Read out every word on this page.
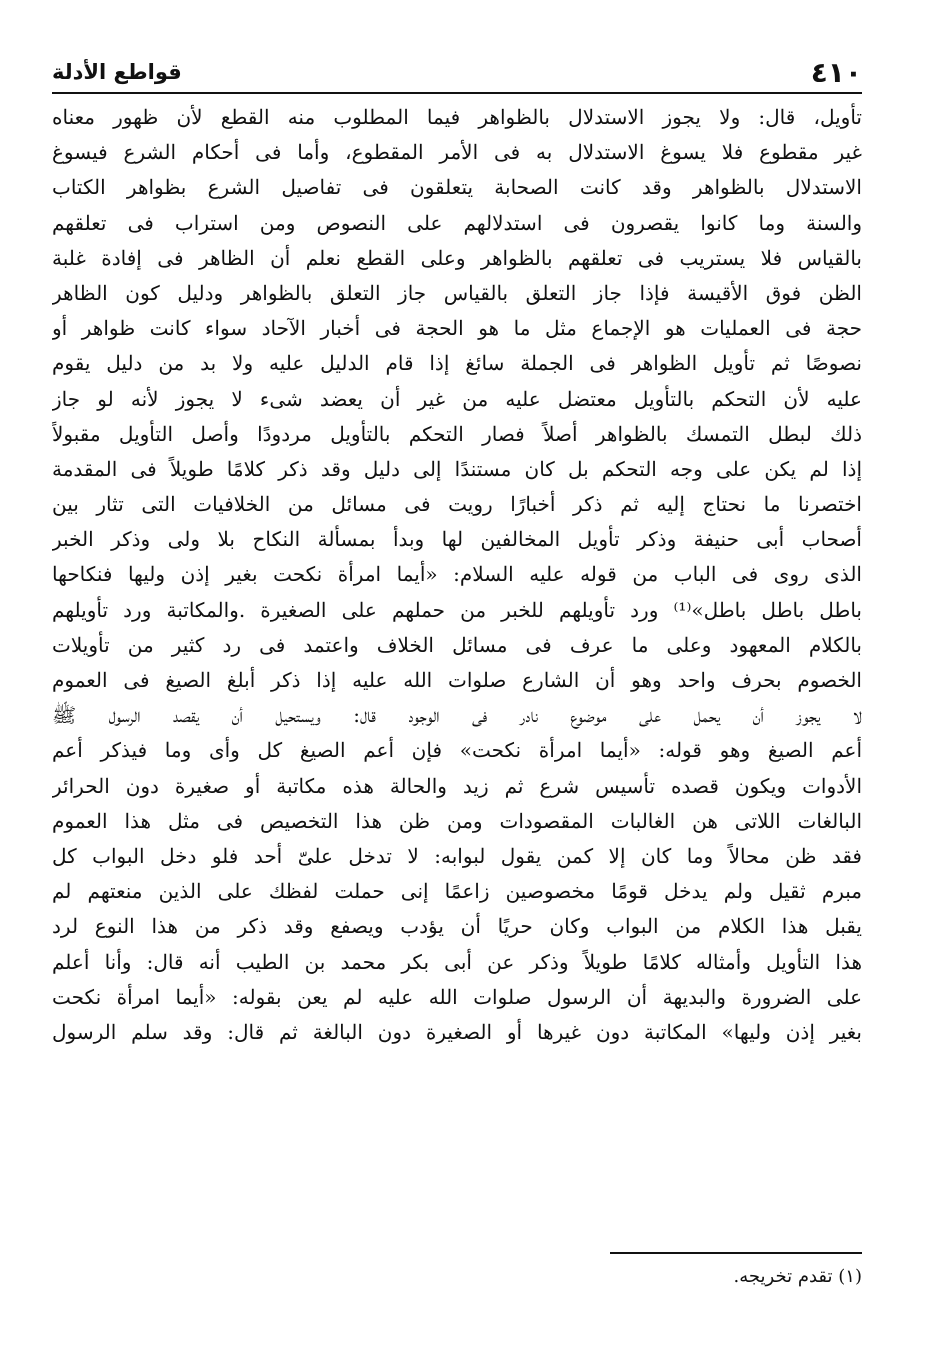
٤١٠
قواطع الأدلة
تأويل، قال: ولا يجوز الاستدلال بالظواهر فيما المطلوب منه القطع لأن ظهور معناه
غير مقطوع فلا يسوغ الاستدلال به فى الأمر المقطوع، وأما فى أحكام الشرع فيسوغ
الاستدلال بالظواهر وقد كانت الصحابة يتعلقون فى تفاصيل الشرع بظواهر الكتاب
والسنة وما كانوا يقصرون فى استدلالهم على النصوص ومن استراب فى تعلقهم
بالقياس فلا يستريب فى تعلقهم بالظواهر وعلى القطع نعلم أن الظاهر فى إفادة غلبة
الظن فوق الأقيسة فإذا جاز التعلق بالقياس جاز التعلق بالظواهر ودليل كون الظاهر
حجة فى العمليات هو الإجماع مثل ما هو الحجة فى أخبار الآحاد سواء كانت ظواهر أو
نصوصًا ثم تأويل الظواهر فى الجملة سائغ إذا قام الدليل عليه ولا بد من دليل يقوم
عليه لأن التحكم بالتأويل معتضل عليه من غير أن يعضد شىء لا يجوز لأنه لو جاز
ذلك لبطل التمسك بالظواهر أصلاً فصار التحكم بالتأويل مردودًا وأصل التأويل مقبولاً
إذا لم يكن على وجه التحكم بل كان مستندًا إلى دليل وقد ذكر كلامًا طويلاً فى المقدمة
اختصرنا ما نحتاج إليه ثم ذكر أخبارًا رويت فى مسائل من الخلافيات التى تثار بين
أصحاب أبى حنيفة وذكر تأويل المخالفين لها وبدأ بمسألة النكاح بلا ولى وذكر الخبر
الذى روى فى الباب من قوله عليه السلام: «أيما امرأة نكحت بغير إذن وليها فنكاحها
باطل باطل باطل»⁽¹⁾ ورد تأويلهم للخبر من حملهم على الصغيرة .والمكاتبة ورد تأويلهم
بالكلام المعهود وعلى ما عرف فى مسائل الخلاف واعتمد فى رد كثير من تأويلات
الخصوم بحرف واحد وهو أن الشارع صلوات الله عليه إذا ذكر أبلغ الصيغ فى العموم
لا يجوز أن يحمل على موضوع نادر فى الوجود قال: ويستحيل أن يقصد الرسول ﷺ
أعم الصيغ وهو قوله: «أيما امرأة نكحت» فإن أعم الصيغ كل وأى وما فيذكر أعم
الأدوات ويكون قصده تأسيس شرع ثم زيد والحالة هذه مكاتبة أو صغيرة دون الحرائر
البالغات اللاتى هن الغالبات المقصودات ومن ظن هذا التخصيص فى مثل هذا العموم
فقد ظن محالاً وما كان إلا كمن يقول لبوابه: لا تدخل علىّ أحد فلو دخل البواب كل
مبرم ثقيل ولم يدخل قومًا مخصوصين زاعمًا إنى حملت لفظك على الذين منعتهم لم
يقبل هذا الكلام من البواب وكان حريًا أن يؤدب ويصفع وقد ذكر من هذا النوع لرد
هذا التأويل وأمثاله كلامًا طويلاً وذكر عن أبى بكر محمد بن الطيب أنه قال: وأنا أعلم
على الضرورة والبديهة أن الرسول صلوات الله عليه لم يعن بقوله: «أيما امرأة نكحت
بغير إذن وليها» المكاتبة دون غيرها أو الصغيرة دون البالغة ثم قال: وقد سلم الرسول
(١) تقدم تخريجه.
